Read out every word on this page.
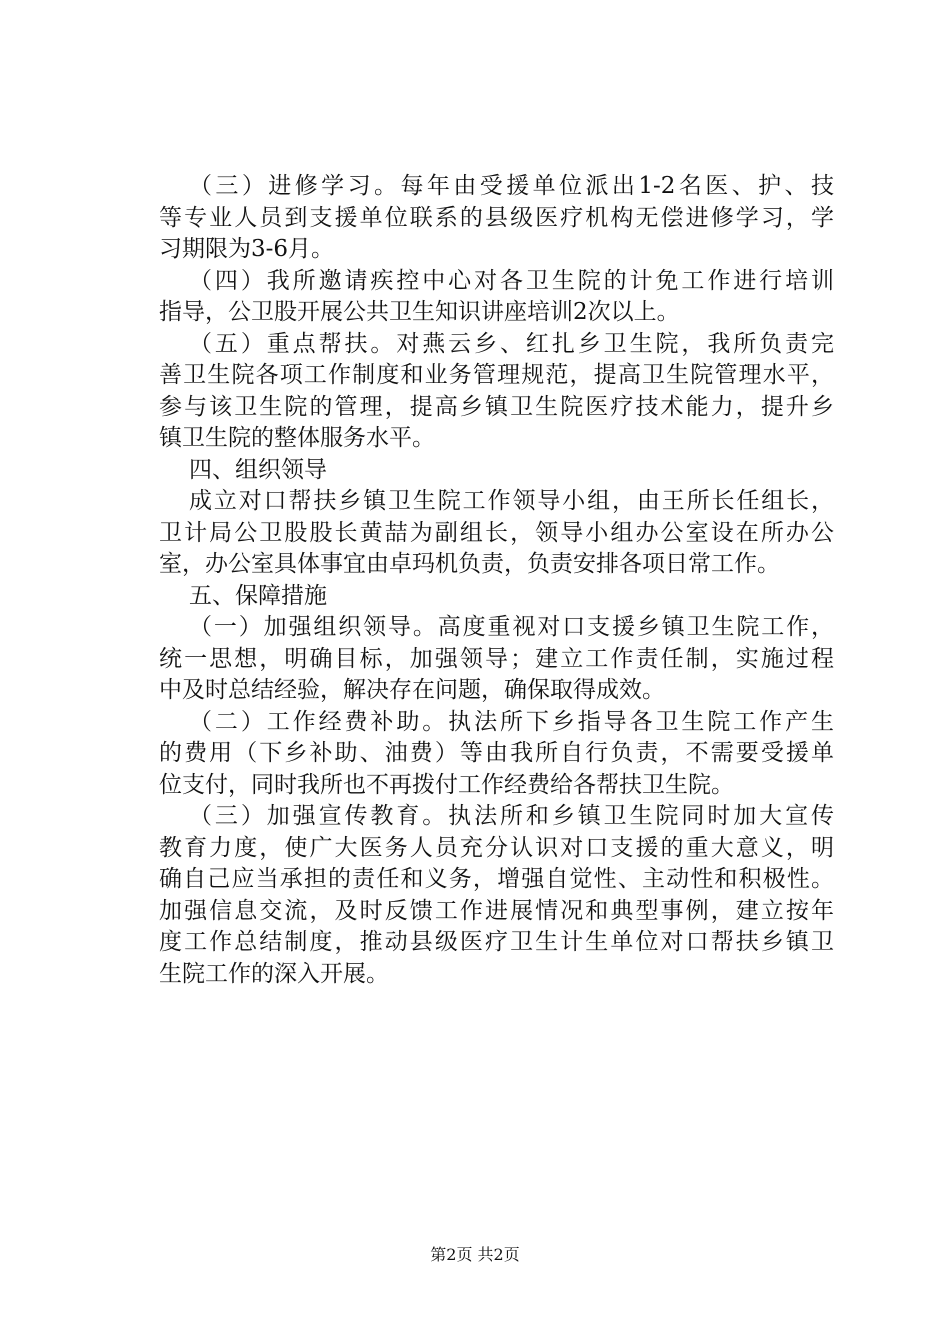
（三）进修学习。每年由受援单位派出1-2名医、护、技
等专业人员到支援单位联系的县级医疗机构无偿进修学习，学
习期限为3-6月。
（四）我所邀请疾控中心对各卫生院的计免工作进行培训
指导，公卫股开展公共卫生知识讲座培训2次以上。
（五）重点帮扶。对燕云乡、红扎乡卫生院，我所负责完
善卫生院各项工作制度和业务管理规范，提高卫生院管理水平，
参与该卫生院的管理，提高乡镇卫生院医疗技术能力，提升乡
镇卫生院的整体服务水平。
四、组织领导
成立对口帮扶乡镇卫生院工作领导小组，由王所长任组长，
卫计局公卫股股长黄喆为副组长，领导小组办公室设在所办公
室，办公室具体事宜由卓玛机负责，负责安排各项日常工作。
五、保障措施
（一）加强组织领导。高度重视对口支援乡镇卫生院工作，
统一思想，明确目标，加强领导；建立工作责任制，实施过程
中及时总结经验，解决存在问题，确保取得成效。
（二）工作经费补助。执法所下乡指导各卫生院工作产生
的费用（下乡补助、油费）等由我所自行负责，不需要受援单
位支付，同时我所也不再拨付工作经费给各帮扶卫生院。
（三）加强宣传教育。执法所和乡镇卫生院同时加大宣传
教育力度，使广大医务人员充分认识对口支援的重大意义，明
确自己应当承担的责任和义务，增强自觉性、主动性和积极性。
加强信息交流，及时反馈工作进展情况和典型事例，建立按年
度工作总结制度，推动县级医疗卫生计生单位对口帮扶乡镇卫
生院工作的深入开展。
第2页 共2页
